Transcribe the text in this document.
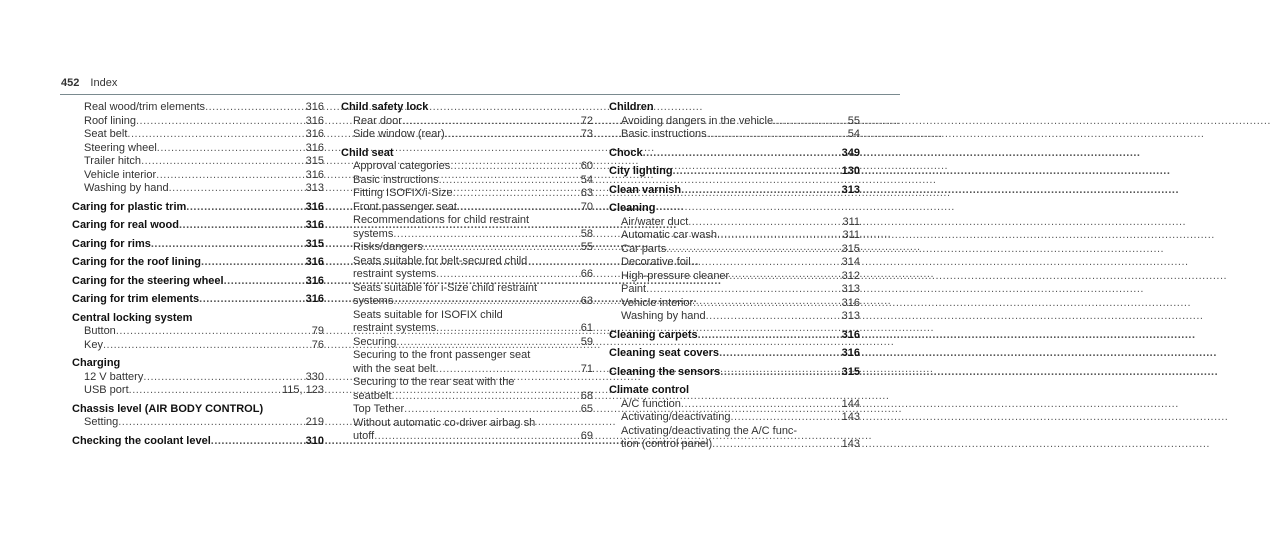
452 Index
Real wood/trim elements .....	316
Roof lining .....	316
Seat belt .....	316
Steering wheel .....	316
Trailer hitch .....	315
Vehicle interior .....	316
Washing by hand .....	313
Caring for plastic trim .....	316
Caring for real wood .....	316
Caring for rims .....	315
Caring for the roof lining .....	316
Caring for the steering wheel .....	316
Caring for trim elements .....	316
Central locking system
Button .....	79
Key .....	76
Charging
12 V battery .....	330
USB port .....	115, 123
Chassis level (AIR BODY CONTROL)
Setting .....	219
Checking the coolant level .....	310
Child safety lock
Rear door .....	72
Side window (rear) .....	73
Child seat
Approval categories .....	60
Basic instructions .....	54
Fitting ISOFIX/i-Size .....	63
Front passenger seat .....	70
Recommendations for child restraint
systems .....	58
Risks/dangers .....	55
Seats suitable for belt-secured child
restraint systems .....	66
Seats suitable for i-Size child restraint
systems .....	63
Seats suitable for ISOFIX child
restraint systems .....	61
Securing .....	59
Securing to the front passenger seat
with the seat belt .....	71
Securing to the rear seat with the
seatbelt .....	68
Top Tether .....	65
Without automatic co-driver airbag sh
utoff .....	69
Children
Avoiding dangers in the vehicle .....	55
Basic instructions .....	54
Chock .....	349
City lighting .....	130
Clean varnish .....	313
Cleaning
Air/water duct .....	311
Automatic car wash .....	311
Car parts .....	315
Decorative foil .....	314
High-pressure cleaner .....	312
Paint .....	313
Vehicle interior .....	316
Washing by hand .....	313
Cleaning carpets .....	316
Cleaning seat covers .....	316
Cleaning the sensors .....	315
Climate control
A/C function .....	144
Activating/deactivating .....	143
Activating/deactivating the A/C func-
tion (control panel) .....	143
